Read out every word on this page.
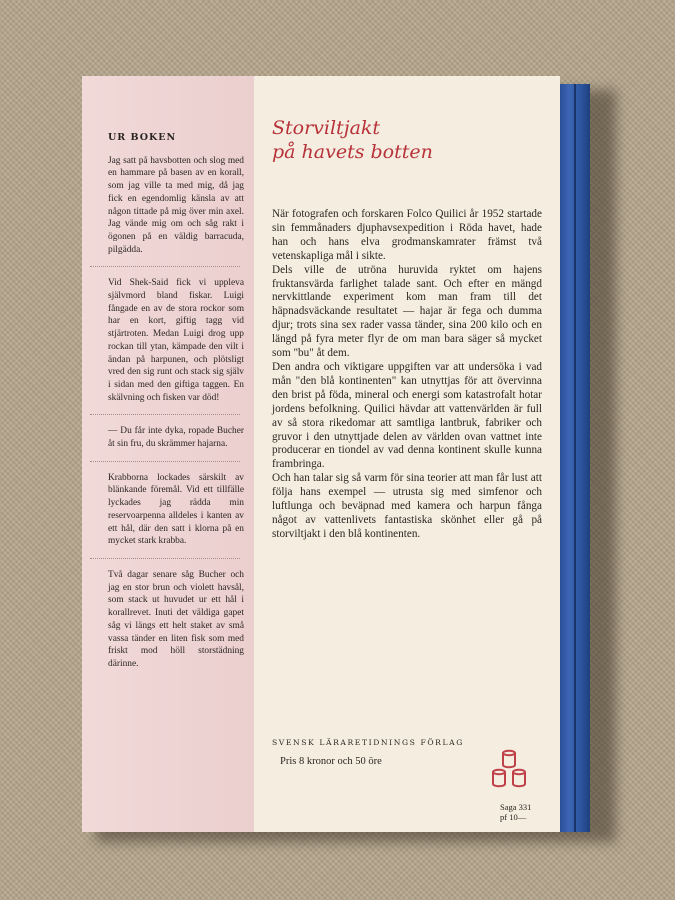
UR BOKEN

Jag satt på havsbotten och slog med en hammare på basen av en korall, som jag ville ta med mig, då jag fick en egendomlig känsla av att någon tittade på mig över min axel. Jag vände mig om och såg rakt i ögonen på en väldig barracuda, pilgädda.

Vid Shek-Said fick vi uppleva självmord bland fiskar. Luigi fångade en av de stora rockor som har en kort, giftig tagg vid stjärtroten. Medan Luigi drog upp rockan till ytan, kämpade den vilt i ändan på harpunen, och plötsligt vred den sig runt och stack sig själv i sidan med den giftiga taggen. En skälvning och fisken var död!

— Du får inte dyka, ropade Bucher åt sin fru, du skrämmer hajarna.

Krabborna lockades särskilt av blänkande föremål. Vid ett tillfälle lyckades jag rädda min reservoarpenna alldeles i kanten av ett hål, där den satt i klorna på en mycket stark krabba.

Två dagar senare såg Bucher och jag en stor brun och violett havsål, som stack ut huvudet ur ett hål i korallrevet. Inuti det väldiga gapet såg vi längs ett helt staket av små vassa tänder en liten fisk som med friskt mod höll storstädning därinne.

Storviltjakt
på havets botten

När fotografen och forskaren Folco Quilici år 1952 startade sin femmånaders djuphavsexpedition i Röda havet, hade han och hans elva grodmanskamrater främst två vetenskapliga mål i sikte.

Dels ville de utröna huruvida ryktet om hajens fruktansvärda farlighet talade sant. Och efter en mängd nervkittlande experiment kom man fram till det häpnadsväckande resultatet — hajar är fega och dumma djur; trots sina sex rader vassa tänder, sina 200 kilo och en längd på fyra meter flyr de om man bara säger så mycket som "bu" åt dem.

Den andra och viktigare uppgiften var att undersöka i vad mån "den blå kontinenten" kan utnyttjas för att övervinna den brist på föda, mineral och energi som katastrofalt hotar jordens befolkning. Quilici hävdar att vattenvärlden är full av så stora rikedomar att samtliga lantbruk, fabriker och gruvor i den utnyttjade delen av världen ovan vattnet inte producerar en tiondel av vad denna kontinent skulle kunna frambringa.

Och han talar sig så varm för sina teorier att man får lust att följa hans exempel — utrusta sig med simfenor och luftlunga och beväpnad med kamera och harpun fånga något av vattenlivets fantastiska skönhet eller gå på storviltjakt i den blå kontinenten.

SVENSK LÄRARETIDNINGS FÖRLAG
Pris 8 kronor och 50 öre
Saga 331
pf 10—
